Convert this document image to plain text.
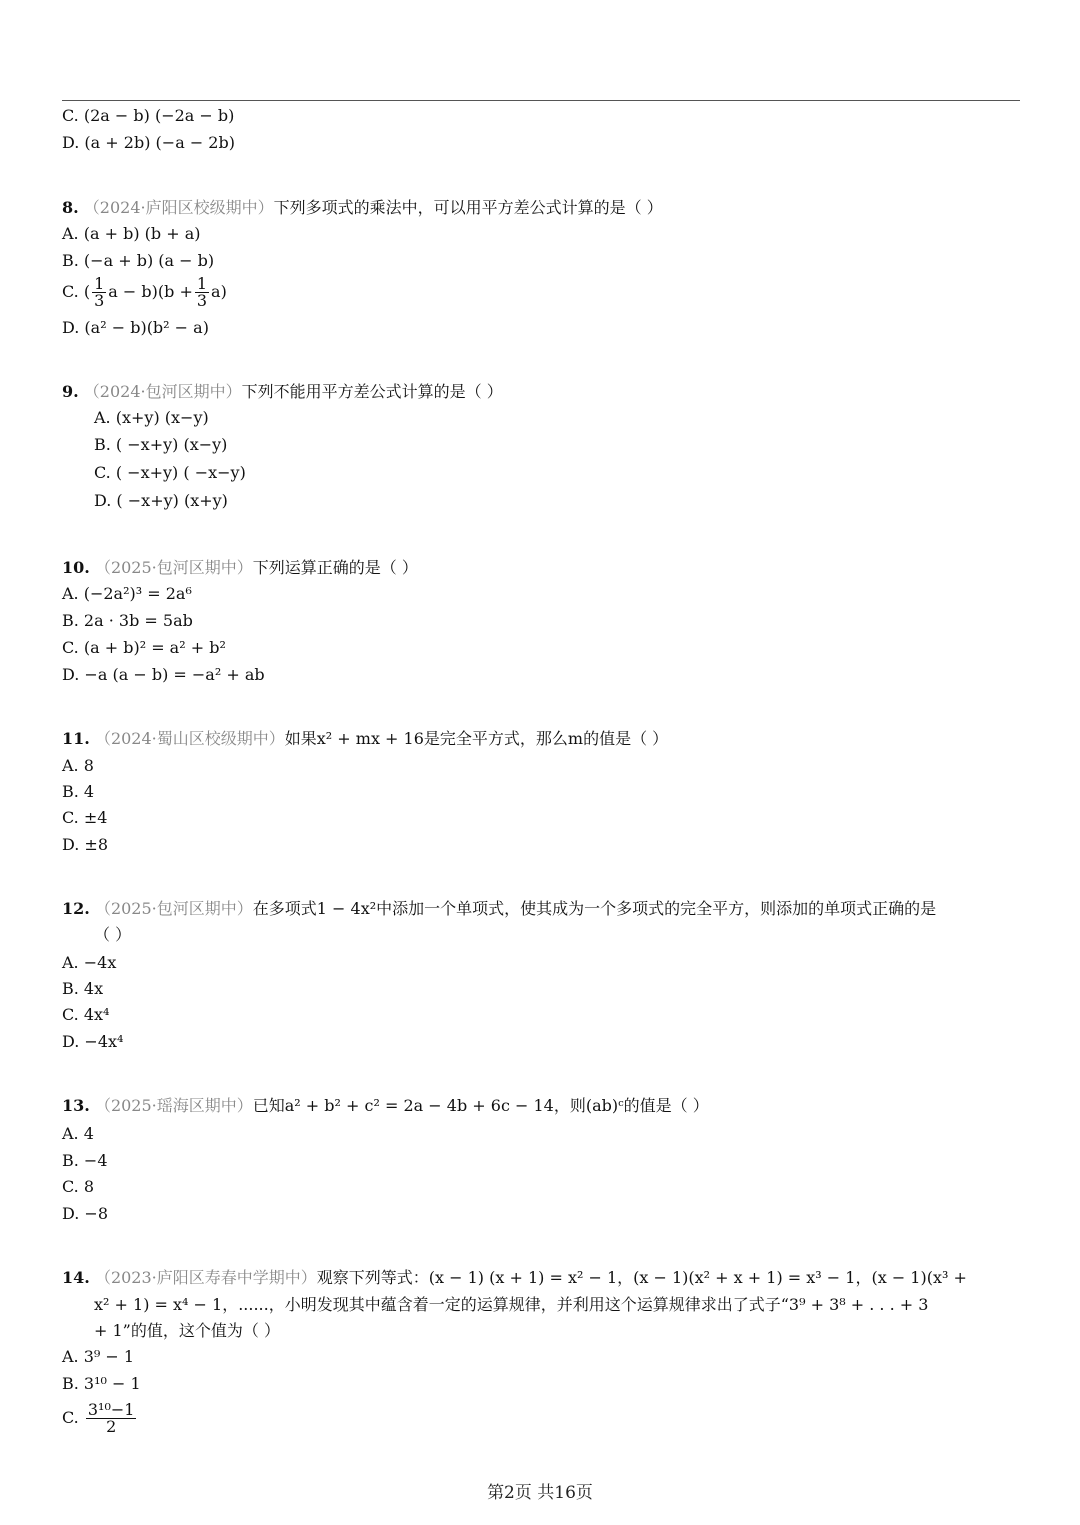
C. (2a − b) (−2a − b)
D. (a + 2b) (−a − 2b)
8. （2024·庐阳区校级期中）下列多项式的乘法中，可以用平方差公式计算的是（ ）
A. (a + b) (b + a)
B. (−a + b) (a − b)
C. ( $\frac{1}{3}$ $a - b)(b + \frac{1}{3} a)$
D. (a² − b)(b² − a)
9. （2024·包河区期中）下列不能用平方差公式计算的是（ ）
A. (x+y) (x−y)
B. ( −x+y) (x−y)
C. ( −x+y) ( −x−y)
D. ( −x+y) (x+y)
10. （2025·包河区期中）下列运算正确的是（ ）
A. (−2a²)³ = 2a⁶
B. 2a · 3b = 5ab
C. (a + b)² = a² + b²
D. −a (a − b) = −a² + ab
11. （2024·蜀山区校级期中）如果x² + mx + 16是完全平方式，那么m的值是（ ）
A. 8
B. 4
C. ±4
D. ±8
12. （2025·包河区期中）在多项式1 − 4x²中添加一个单项式，使其成为一个多项式的完全平方，则添加的单项式正确的是
（ ）
A. −4x
B. 4x
C. 4x⁴
D. −4x⁴
13. （2025·瑶海区期中）已知a² + b² + c² = 2a − 4b + 6c − 14，则(ab)ᶜ的值是（ ）
A. 4
B. −4
C. 8
D. −8
14. （2023·庐阳区寿春中学期中）观察下列等式：(x − 1) (x + 1) = x² − 1，(x − 1)(x² + x + 1) = x³ − 1，(x − 1)(x³ +
x² + 1) = x⁴ − 1，......，小明发现其中蕴含着一定的运算规律，并利用这个运算规律求出了式子“3⁹ + 3⁸ + . . . + 3
+ 1”的值，这个值为（ ）
A. 3⁹ − 1
B. 3¹⁰ − 1
C. $\frac{\text{3¹⁰−1}}{2}$
第2页 共16页
